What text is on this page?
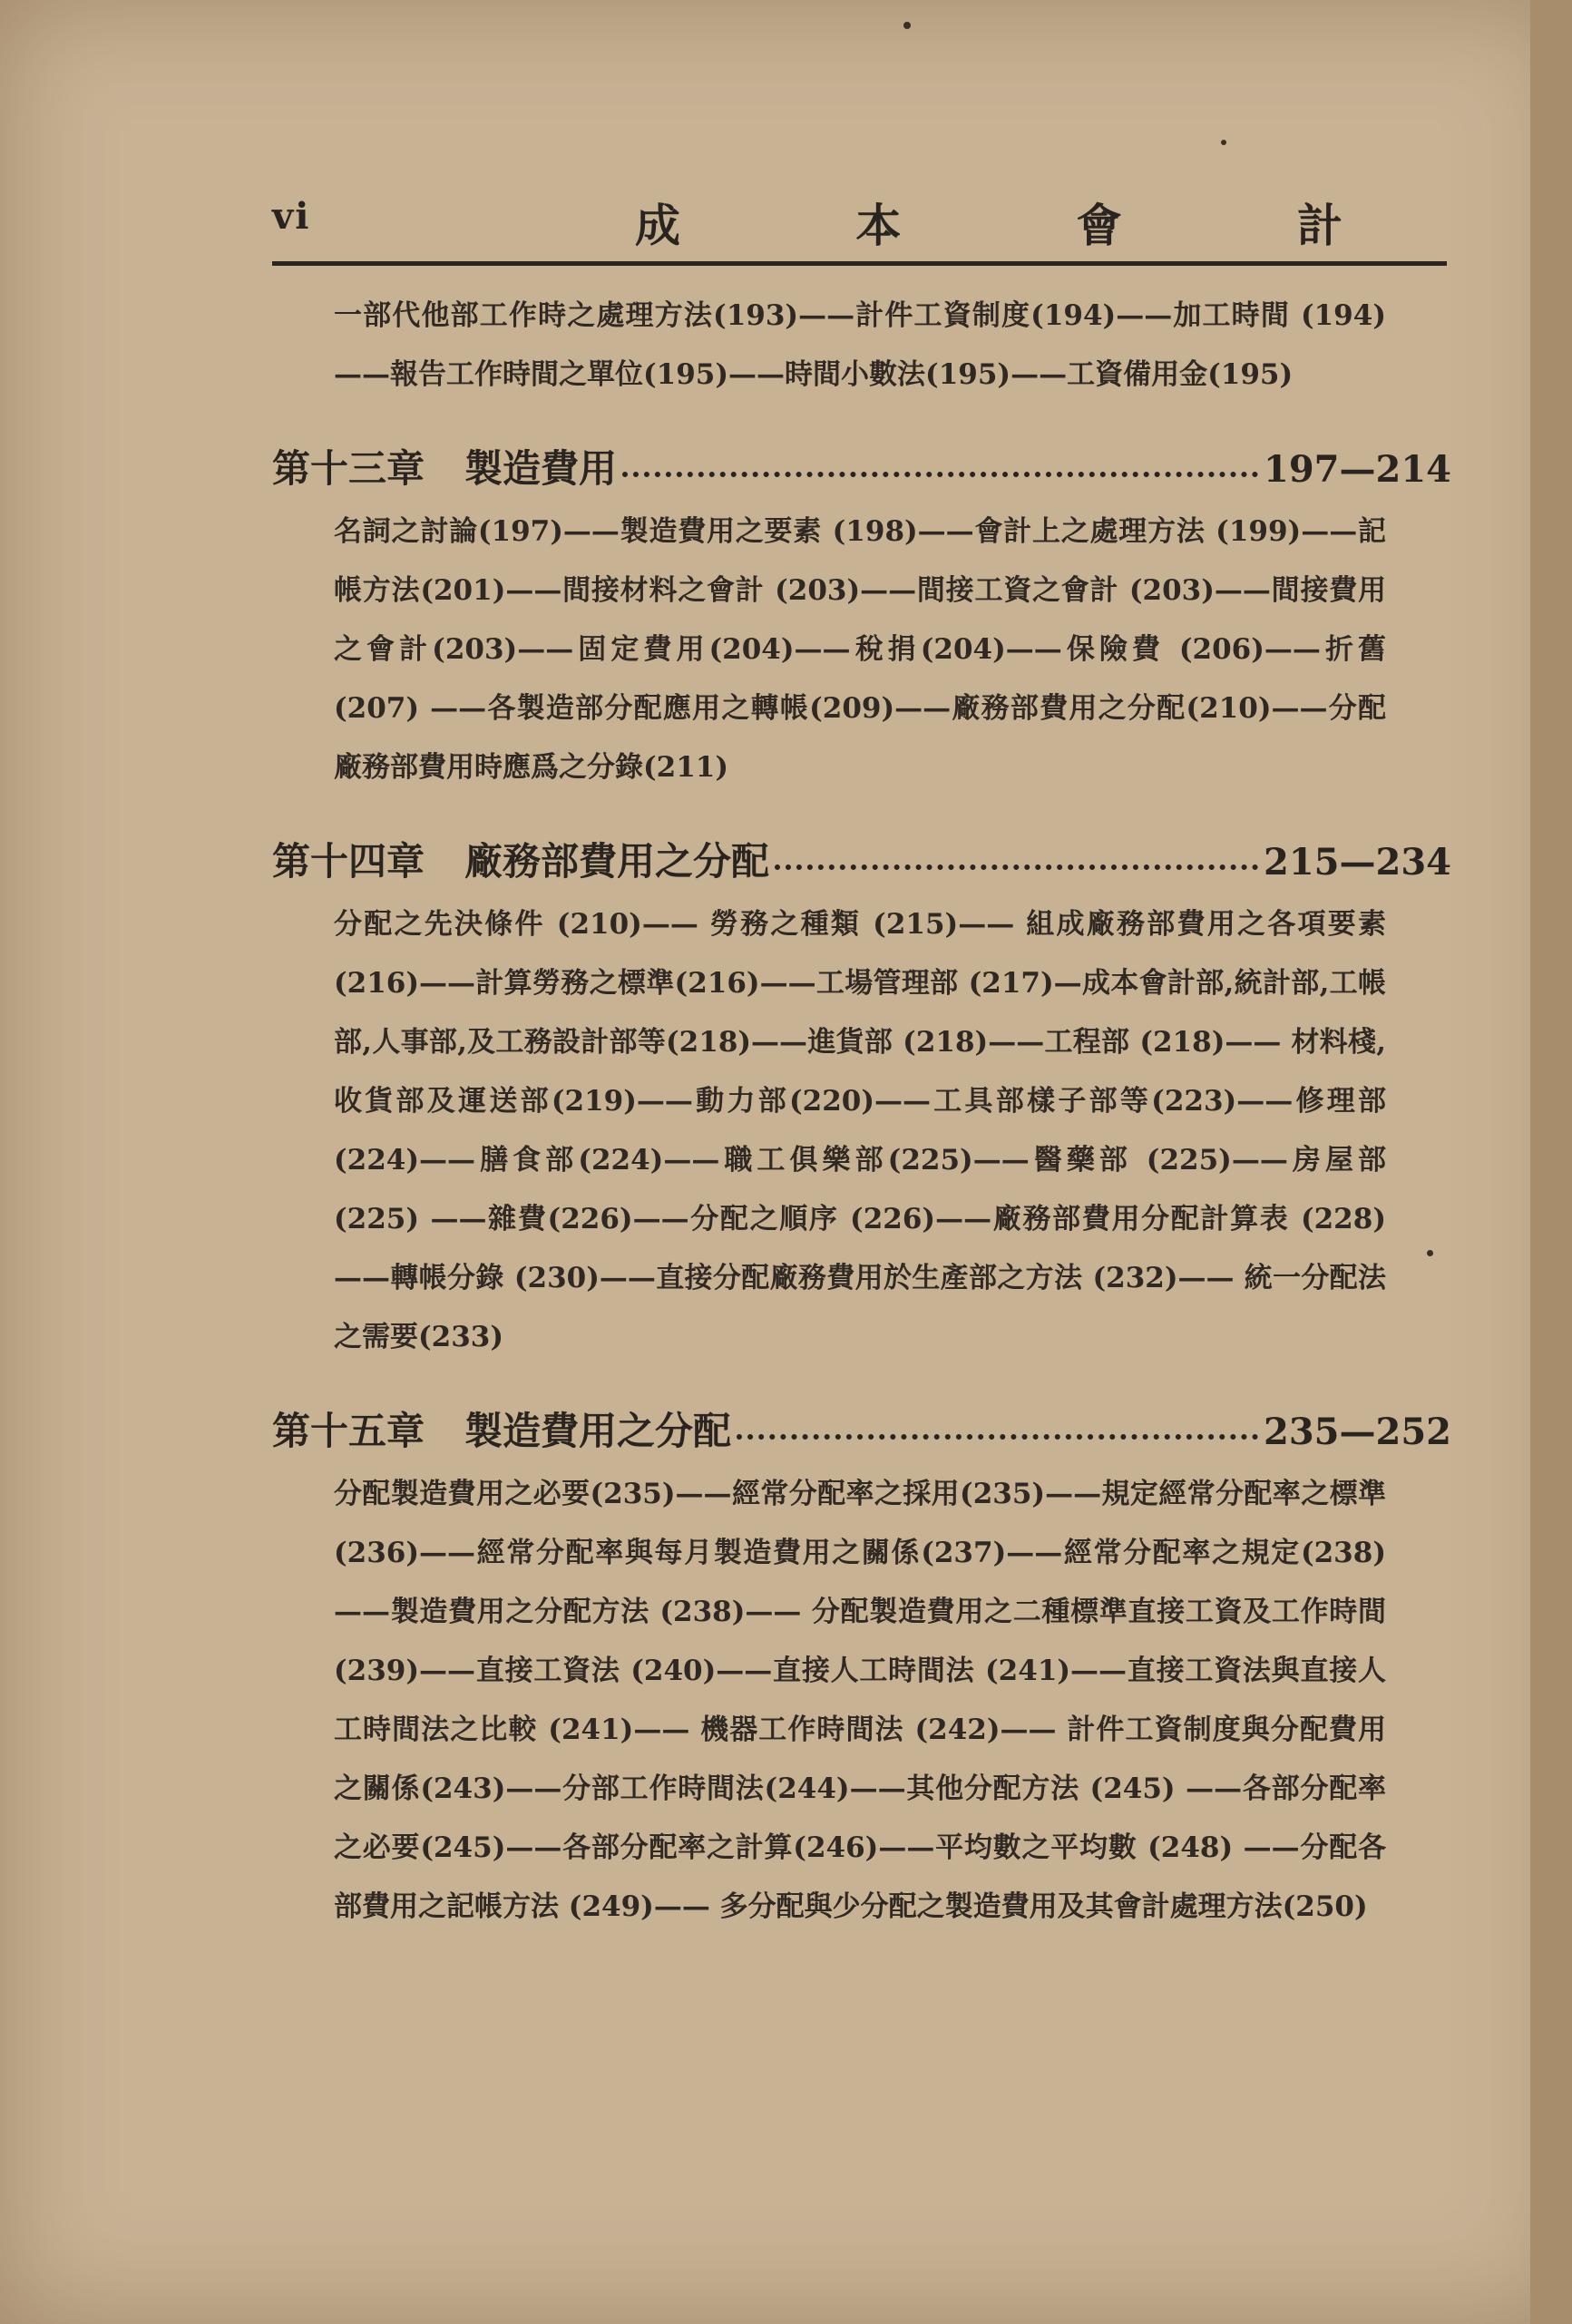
vi	成	本	會	計
一部代他部工作時之處理方法(193)——計件工資制度(194)——加工時間 (194) ——報告工作時間之單位(195)——時間小數法(195)——工資備用金(195)
第十三章 製造費用	197—214
名詞之討論(197)——製造費用之要素 (198)——會計上之處理方法 (199)——記帳方法(201)——間接材料之會計 (203)——間接工資之會計 (203)——間接費用之會計(203)——固定費用(204)——稅捐(204)——保險費 (206)——折舊 (207) ——各製造部分配應用之轉帳(209)——廠務部費用之分配(210)——分配廠務部費用時應爲之分錄(211)
第十四章 廠務部費用之分配	215—234
分配之先決條件 (210)—— 勞務之種類 (215)—— 組成廠務部費用之各項要素(216)——計算勞務之標準(216)——工場管理部 (217)—成本會計部,統計部,工帳部,人事部,及工務設計部等(218)——進貨部 (218)——工程部 (218)—— 材料棧,收貨部及運送部(219)——動力部(220)——工具部樣子部等(223)——修理部(224)——膳食部(224)——職工俱樂部(225)——醫藥部 (225)——房屋部 (225) ——雜費(226)——分配之順序 (226)——廠務部費用分配計算表 (228)——轉帳分錄 (230)——直接分配廠務費用於生產部之方法 (232)—— 統一分配法之需要(233)
第十五章 製造費用之分配	235—252
分配製造費用之必要(235)——經常分配率之採用(235)——規定經常分配率之標準(236)——經常分配率與每月製造費用之關係(237)——經常分配率之規定(238) ——製造費用之分配方法 (238)—— 分配製造費用之二種標準直接工資及工作時間(239)——直接工資法 (240)——直接人工時間法 (241)——直接工資法與直接人工時間法之比較 (241)—— 機器工作時間法 (242)—— 計件工資制度與分配費用之關係(243)——分部工作時間法(244)——其他分配方法 (245) ——各部分配率之必要(245)——各部分配率之計算(246)——平均數之平均數 (248) ——分配各部費用之記帳方法 (249)—— 多分配與少分配之製造費用及其會計處理方法(250)
